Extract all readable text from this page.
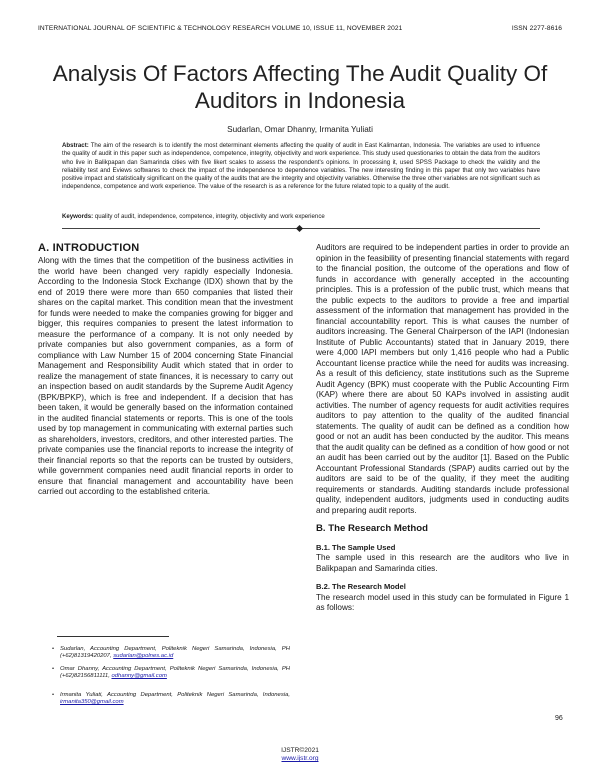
INTERNATIONAL JOURNAL OF SCIENTIFIC & TECHNOLOGY RESEARCH VOLUME 10, ISSUE 11, NOVEMBER 2021	ISSN 2277-8616
Analysis Of Factors Affecting The Audit Quality Of Auditors in Indonesia
Sudarlan, Omar Dhanny, Irmanita Yuliati
Abstract: The aim of the research is to identify the most determinant elements affecting the quality of audit in East Kalimantan, Indonesia. The variables are used to influence the quality of audit in this paper such as independence, competence, integrity, objectivity and work experience. This study used questionaries to obtain the data from the auditors who live in Balikpapan dan Samarinda cities with five likert scales to assess the respondent's opinions. In processing it, used SPSS Package to check the validity and the reliability test and Eviews softwares to check the impact of the independence to dependence variables. The new interesting finding in this paper that only two variables have positive impact and statistically significant on the quality of the audits that are the integrity and objectivity variables. Otherwise the three other variables are not significant such as independence, competence and work experience. The value of the research is as a reference for the future related topic to a quality of the audit.
Keywords: quality of audit, independence, competence, integrity, objectivity and work experience
A. INTRODUCTION
Along with the times that the competition of the business activities in the world have been changed very rapidly especially Indonesia. According to the Indonesia Stock Exchange (IDX) shown that by the end of 2019 there were more than 650 companies that listed their shares on the capital market. This condition mean that the investment for funds were needed to make the companies growing for bigger and bigger, this requires companies to present the latest information to measure the performance of a company. It is not only needed by private companies but also government companies, as a form of compliance with Law Number 15 of 2004 concerning State Financial Management and Responsibility Audit which stated that in order to realize the management of state finances, it is necessary to carry out an inspection based on audit standards by the Supreme Audit Agency (BPK/BPKP), which is free and independent. If a decision that has been taken, it would be generally based on the information contained in the audited financial statements or reports. This is one of the tools used by top management in communicating with external parties such as shareholders, investors, creditors, and other interested parties. The private companies use the financial reports to increase the integrity of their financial reports so that the reports can be trusted by outsiders, while government companies need audit financial reports in order to ensure that financial management and accountability have been carried out according to the established criteria.
Auditors are required to be independent parties in order to provide an opinion in the feasibility of presenting financial statements with regard to the financial position, the outcome of the operations and flow of funds in accordance with generally accepted in the accounting principles. This is a profession of the public trust, which means that the public expects to the auditors to provide a free and impartial assessment of the information that management has provided in the financial accountability report. This is what causes the number of auditors increasing. The General Chairperson of the IAPI (Indonesian Institute of Public Accountants) stated that in January 2019, there were 4,000 IAPI members but only 1,416 people who had a Public Accountant license practice while the need for audits was increasing. As a result of this deficiency, state institutions such as the Supreme Audit Agency (BPK) must cooperate with the Public Accounting Firm (KAP) where there are about 50 KAPs involved in assisting audit activities. The number of agency requests for audit activities requires auditors to pay attention to the quality of the audited financial statements. The quality of audit can be defined as a condition how good or not an audit has been conducted by the auditor. This means that the audit quality can be defined as a condition of how good or not an audit has been carried out by the auditor [1]. Based on the Public Accountant Professional Standards (SPAP) audits carried out by the auditors are said to be of the quality, if they meet the auditing requirements or standards. Auditing standards include professional quality, independent auditors, judgments used in conducting audits and preparing audit reports.
B. The Research Method
B.1. The Sample Used
The sample used in this research are the auditors who live in Balikpapan and Samarinda cities.
B.2. The Research Model
The research model used in this study can be formulated in Figure 1 as follows:
• Sudarlan, Accounting Department, Politeknik Negeri Samarinda, Indonesia, PH (+62)81319420207, sudarlan@polnes.ac.id
• Omar Dhanny, Accounting Department, Politeknik Negeri Samarinda, Indonesia, PH (+62)82156811111, odhanny@gmail.com
• Irmanita Yuliati, Accounting Department, Politeknik Negeri Samarinda, Indonesia, irmanita350@gmail.com
96
IJSTR©2021
www.ijstr.org
